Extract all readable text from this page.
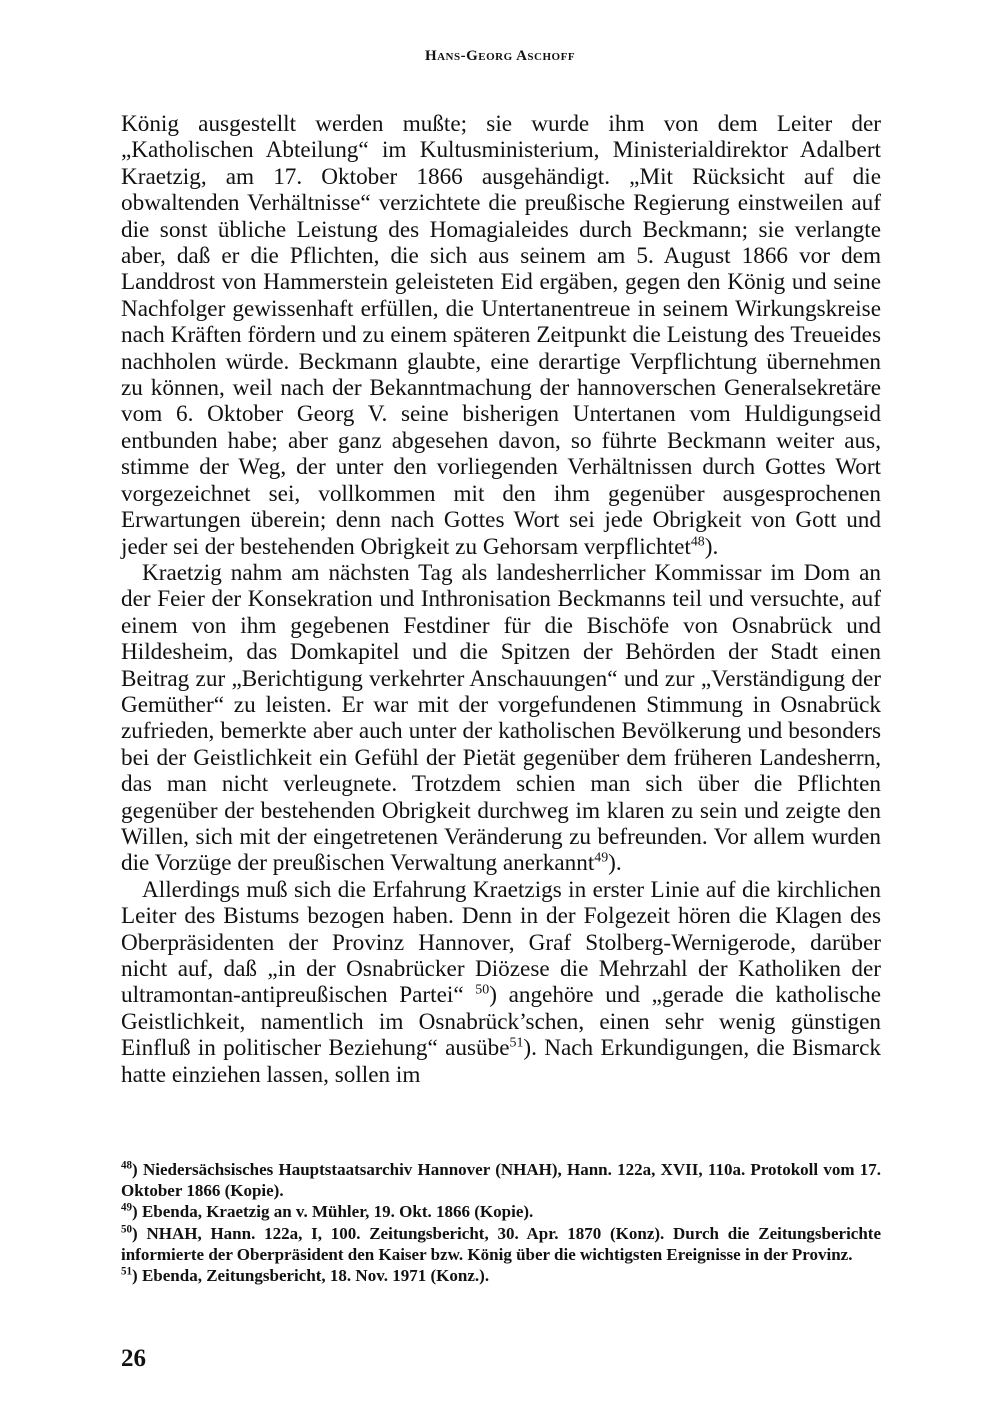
Hans-Georg Aschoff

König ausgestellt werden mußte; sie wurde ihm von dem Leiter der „Katholischen Abteilung“ im Kultusministerium, Ministerialdirektor Adalbert Kraetzig, am 17. Oktober 1866 ausgehändigt. „Mit Rücksicht auf die obwaltenden Verhältnisse“ verzichtete die preußische Regierung einstweilen auf die sonst übliche Leistung des Homagialeides durch Beckmann; sie verlangte aber, daß er die Pflichten, die sich aus seinem am 5. August 1866 vor dem Landdrost von Hammerstein geleisteten Eid ergäben, gegen den König und seine Nachfolger gewissenhaft erfüllen, die Untertanentreue in seinem Wirkungskreise nach Kräften fördern und zu einem späteren Zeitpunkt die Leistung des Treueides nachholen würde. Beckmann glaubte, eine derartige Verpflichtung übernehmen zu können, weil nach der Bekanntmachung der hannoverschen Generalsekretäre vom 6. Oktober Georg V. seine bisherigen Untertanen vom Huldigungseid entbunden habe; aber ganz abgesehen davon, so führte Beckmann weiter aus, stimme der Weg, der unter den vorliegenden Verhältnissen durch Gottes Wort vorgezeichnet sei, vollkommen mit den ihm gegenüber ausgesprochenen Erwartungen überein; denn nach Gottes Wort sei jede Obrigkeit von Gott und jeder sei der bestehenden Obrigkeit zu Gehorsam verpflichtet$^{48}$).

Kraetzig nahm am nächsten Tag als landesherrlicher Kommissar im Dom an der Feier der Konsekration und Inthronisation Beckmanns teil und versuchte, auf einem von ihm gegebenen Festdiner für die Bischöfe von Osnabrück und Hildesheim, das Domkapitel und die Spitzen der Behörden der Stadt einen Beitrag zur „Berichtigung verkehrter Anschauungen“ und zur „Verständigung der Gemüther“ zu leisten. Er war mit der vorgefundenen Stimmung in Osnabrück zufrieden, bemerkte aber auch unter der katholischen Bevölkerung und besonders bei der Geistlichkeit ein Gefühl der Pietät gegenüber dem früheren Landesherrn, das man nicht verleugnete. Trotzdem schien man sich über die Pflichten gegenüber der bestehenden Obrigkeit durchweg im klaren zu sein und zeigte den Willen, sich mit der eingetretenen Veränderung zu befreunden. Vor allem wurden die Vorzüge der preußischen Verwaltung anerkannt$^{49}$).

Allerdings muß sich die Erfahrung Kraetzigs in erster Linie auf die kirchlichen Leiter des Bistums bezogen haben. Denn in der Folgezeit hören die Klagen des Oberpräsidenten der Provinz Hannover, Graf Stolberg-Wernigerode, darüber nicht auf, daß „in der Osnabrücker Diözese die Mehrzahl der Katholiken der ultramontan-antipreußischen Partei“ $^{50}$) angehöre und „gerade die katholische Geistlichkeit, namentlich im Osnabrück’schen, einen sehr wenig günstigen Einfluß in politischer Beziehung“ ausübe$^{51}$). Nach Erkundigungen, die Bismarck hatte einziehen lassen, sollen im

$^{48}$) Niedersächsisches Hauptstaatsarchiv Hannover (NHAH), Hann. 122a, XVII, 110a. Protokoll vom 17. Oktober 1866 (Kopie).

$^{49}$) Ebenda, Kraetzig an v. Mühler, 19. Okt. 1866 (Kopie).

$^{50}$) NHAH, Hann. 122a, I, 100. Zeitungsbericht, 30. Apr. 1870 (Konz). Durch die Zeitungsberichte informierte der Oberpräsident den Kaiser bzw. König über die wichtigsten Ereignisse in der Provinz.

$^{51}$) Ebenda, Zeitungsbericht, 18. Nov. 1971 (Konz.).

26
